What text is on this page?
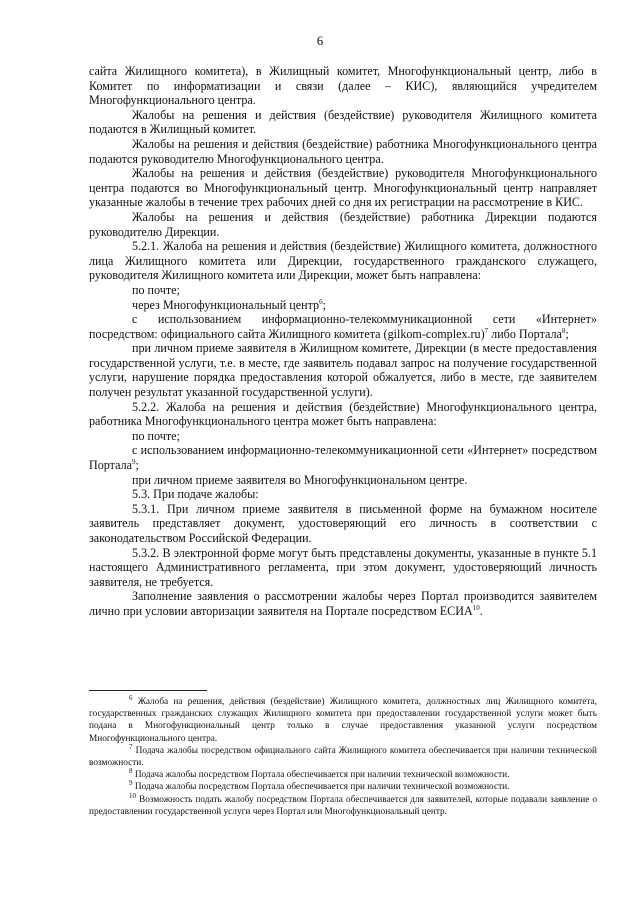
6

сайта Жилищного комитета), в Жилищный комитет, Многофункциональный центр, либо в Комитет по информатизации и связи (далее – КИС), являющийся учредителем Многофункционального центра.

Жалобы на решения и действия (бездействие) руководителя Жилищного комитета подаются в Жилищный комитет.

Жалобы на решения и действия (бездействие) работника Многофункционального центра подаются руководителю Многофункционального центра.

Жалобы на решения и действия (бездействие) руководителя Многофункционального центра подаются во Многофункциональный центр. Многофункциональный центр направляет указанные жалобы в течение трех рабочих дней со дня их регистрации на рассмотрение в КИС.

Жалобы на решения и действия (бездействие) работника Дирекции подаются руководителю Дирекции.

5.2.1. Жалоба на решения и действия (бездействие) Жилищного комитета, должностного лица Жилищного комитета или Дирекции, государственного гражданского служащего, руководителя Жилищного комитета или Дирекции, может быть направлена:

по почте;

через Многофункциональный центр$^6$;

с использованием информационно-телекоммуникационной сети «Интернет» посредством: официального сайта Жилищного комитета (gilkom-complex.ru)$^7$ либо Портала$^8$;

при личном приеме заявителя в Жилищном комитете, Дирекции (в месте предоставления государственной услуги, т.е. в месте, где заявитель подавал запрос на получение государственной услуги, нарушение порядка предоставления которой обжалуется, либо в месте, где заявителем получен результат указанной государственной услуги).

5.2.2. Жалоба на решения и действия (бездействие) Многофункционального центра, работника Многофункционального центра может быть направлена:

по почте;

с использованием информационно-телекоммуникационной сети «Интернет» посредством Портала$^9$;

при личном приеме заявителя во Многофункциональном центре.

5.3. При подаче жалобы:

5.3.1. При личном приеме заявителя в письменной форме на бумажном носителе заявитель представляет документ, удостоверяющий его личность в соответствии с законодательством Российской Федерации.

5.3.2. В электронной форме могут быть представлены документы, указанные в пункте 5.1 настоящего Административного регламента, при этом документ, удостоверяющий личность заявителя, не требуется.

Заполнение заявления о рассмотрении жалобы через Портал производится заявителем лично при условии авторизации заявителя на Портале посредством ЕСИА$^{10}$.

$^6$ Жалоба на решения, действия (бездействие) Жилищного комитета, должностных лиц Жилищного комитета, государственных гражданских служащих Жилищного комитета при предоставлении государственной услуги может быть подана в Многофункциональный центр только в случае предоставления указанной услуги посредством Многофункционального центра.

$^7$ Подача жалобы посредством официального сайта Жилищного комитета обеспечивается при наличии технической возможности.

$^8$ Подача жалобы посредством Портала обеспечивается при наличии технической возможности.

$^9$ Подача жалобы посредством Портала обеспечивается при наличии технической возможности.

$^{10}$ Возможность подать жалобу посредством Портала обеспечивается для заявителей, которые подавали заявление о предоставлении государственной услуги через Портал или Многофункциональный центр.
